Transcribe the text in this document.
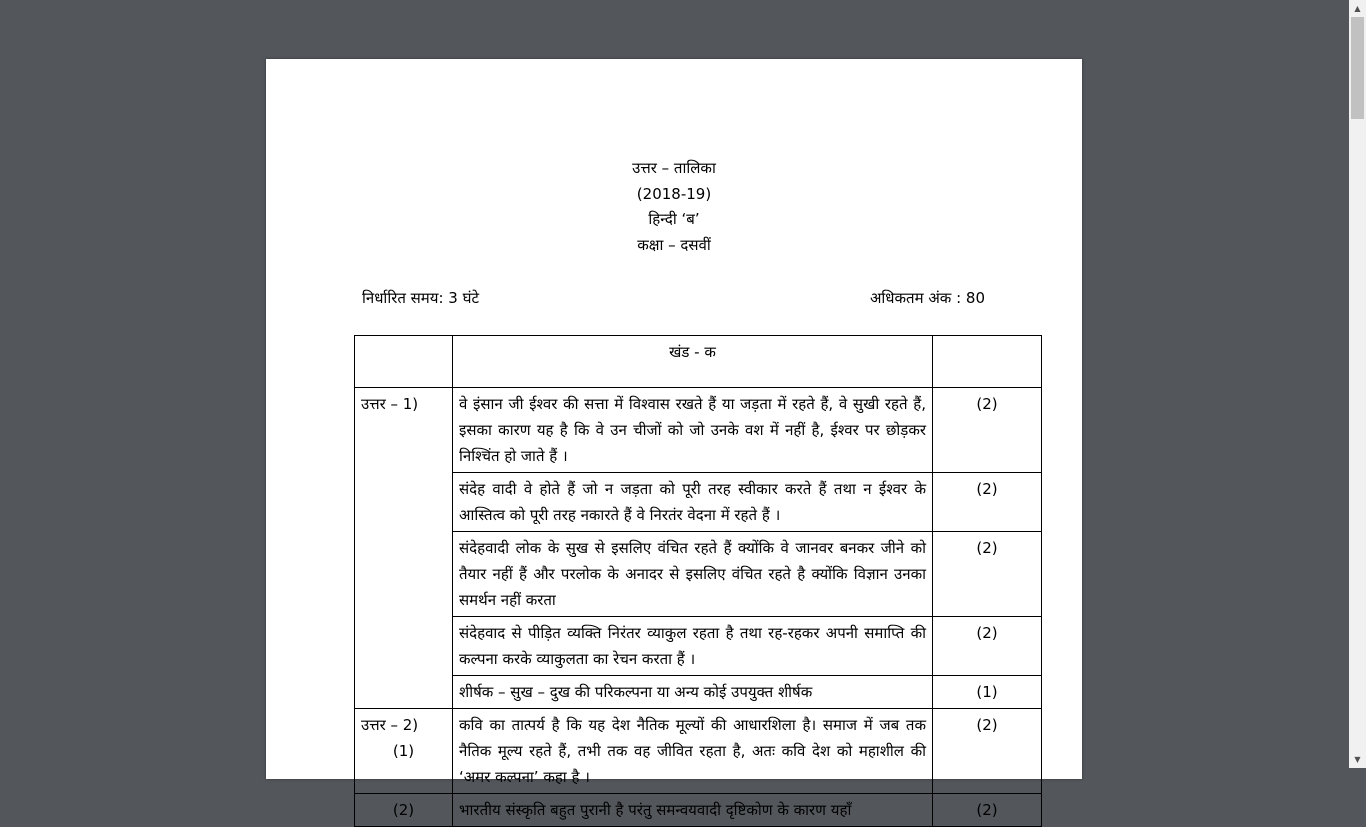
उत्तर – तालिका
(2018-19)
हिन्दी ‘ब’
कक्षा – दसवीं
निर्धारित समय: 3 घंटे	अधिकतम अंक : 80
	खंड - क	
उत्तर – 1)	वे इंसान जी ईश्वर की सत्ता में विश्वास रखते हैं या जड़ता में रहते हैं, वे सुखी रहते हैं, इसका कारण यह है कि वे उन चीजों को जो उनके वश में नहीं है, ईश्वर पर छोड़कर निश्चिंत हो जाते हैं ।	(2)
	संदेह वादी वे होते हैं जो न जड़ता को पूरी तरह स्वीकार करते हैं तथा न ईश्वर के आस्तित्व को पूरी तरह नकारते हैं वे निरतंर वेदना में रहते हैं ।	(2)
	संदेहवादी लोक के सुख से इसलिए वंचित रहते हैं क्योंकि वे जानवर बनकर जीने को तैयार नहीं हैं और परलोक के अनादर से इसलिए वंचित रहते है क्योंकि विज्ञान उनका समर्थन नहीं करता	(2)
	संदेहवाद से पीड़ित व्यक्ति निरंतर व्याकुल रहता है तथा रह-रहकर अपनी समाप्ति की कल्पना करके व्याकुलता का रेचन करता हैं ।	(2)
	शीर्षक – सुख – दुख की परिकल्पना या अन्य कोई उपयुक्त शीर्षक	(1)
उत्तर – 2)
(1)	कवि का तात्पर्य है कि यह देश नैतिक मूल्यों की आधारशिला है। समाज में जब तक नैतिक मूल्य रहते हैं, तभी तक वह जीवित रहता है, अतः कवि देश को महाशील की ‘अमर कल्पना’ कहा है ।	(2)

(2)	भारतीय संस्कृति बहुत पुरानी है परंतु समन्वयवादी दृष्टिकोण के कारण यहाँ	(2)
▲
▼
